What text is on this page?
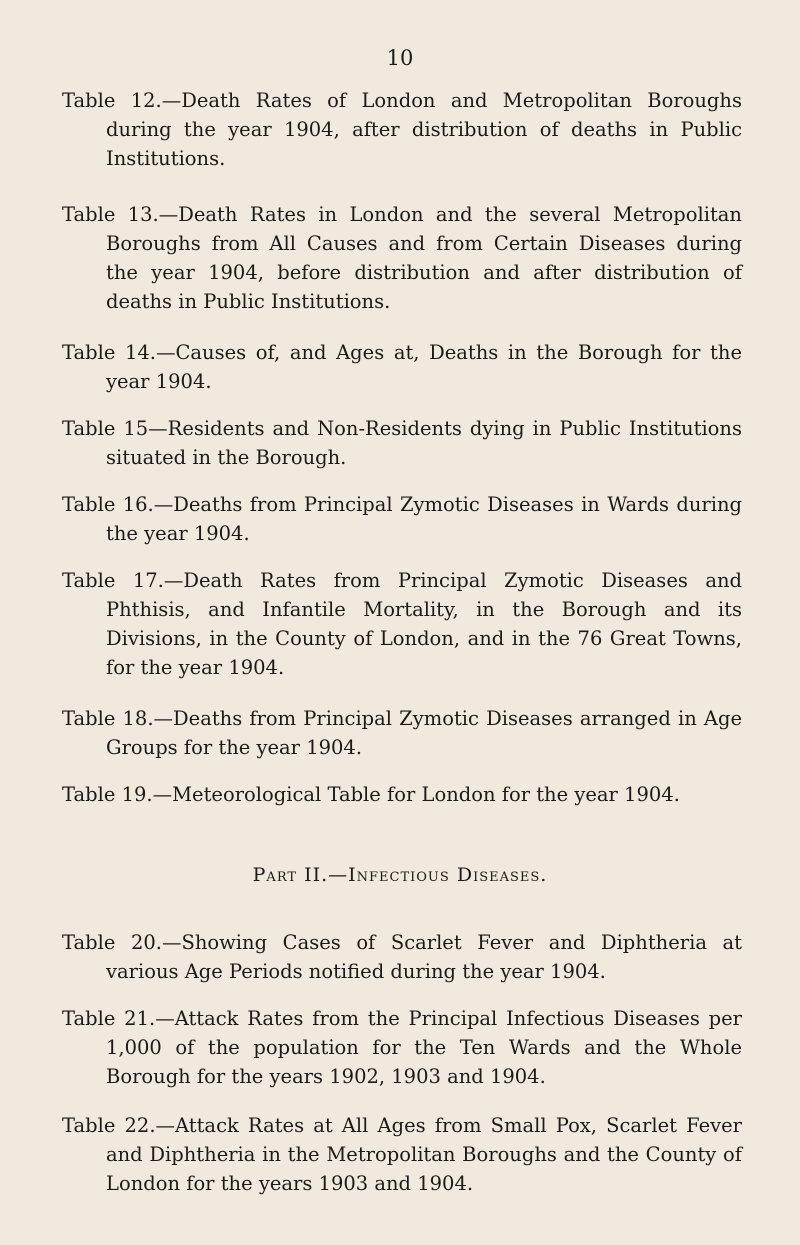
10

Table 12.—Death Rates of London and Metropolitan Boroughs during the year 1904, after distribution of deaths in Public Institutions.

Table 13.—Death Rates in London and the several Metropolitan Boroughs from All Causes and from Certain Diseases during the year 1904, before distribution and after distribution of deaths in Public Institutions.

Table 14.—Causes of, and Ages at, Deaths in the Borough for the year 1904.

Table 15—Residents and Non-Residents dying in Public Institutions situated in the Borough.

Table 16.—Deaths from Principal Zymotic Diseases in Wards during the year 1904.

Table 17.—Death Rates from Principal Zymotic Diseases and Phthisis, and Infantile Mortality, in the Borough and its Divisions, in the County of London, and in the 76 Great Towns, for the year 1904.

Table 18.—Deaths from Principal Zymotic Diseases arranged in Age Groups for the year 1904.

Table 19.—Meteorological Table for London for the year 1904.

Part II.—Infectious Diseases.

Table 20.—Showing Cases of Scarlet Fever and Diphtheria at various Age Periods notified during the year 1904.

Table 21.—Attack Rates from the Principal Infectious Diseases per 1,000 of the population for the Ten Wards and the Whole Borough for the years 1902, 1903 and 1904.

Table 22.—Attack Rates at All Ages from Small Pox, Scarlet Fever and Diphtheria in the Metropolitan Boroughs and the County of London for the years 1903 and 1904.
